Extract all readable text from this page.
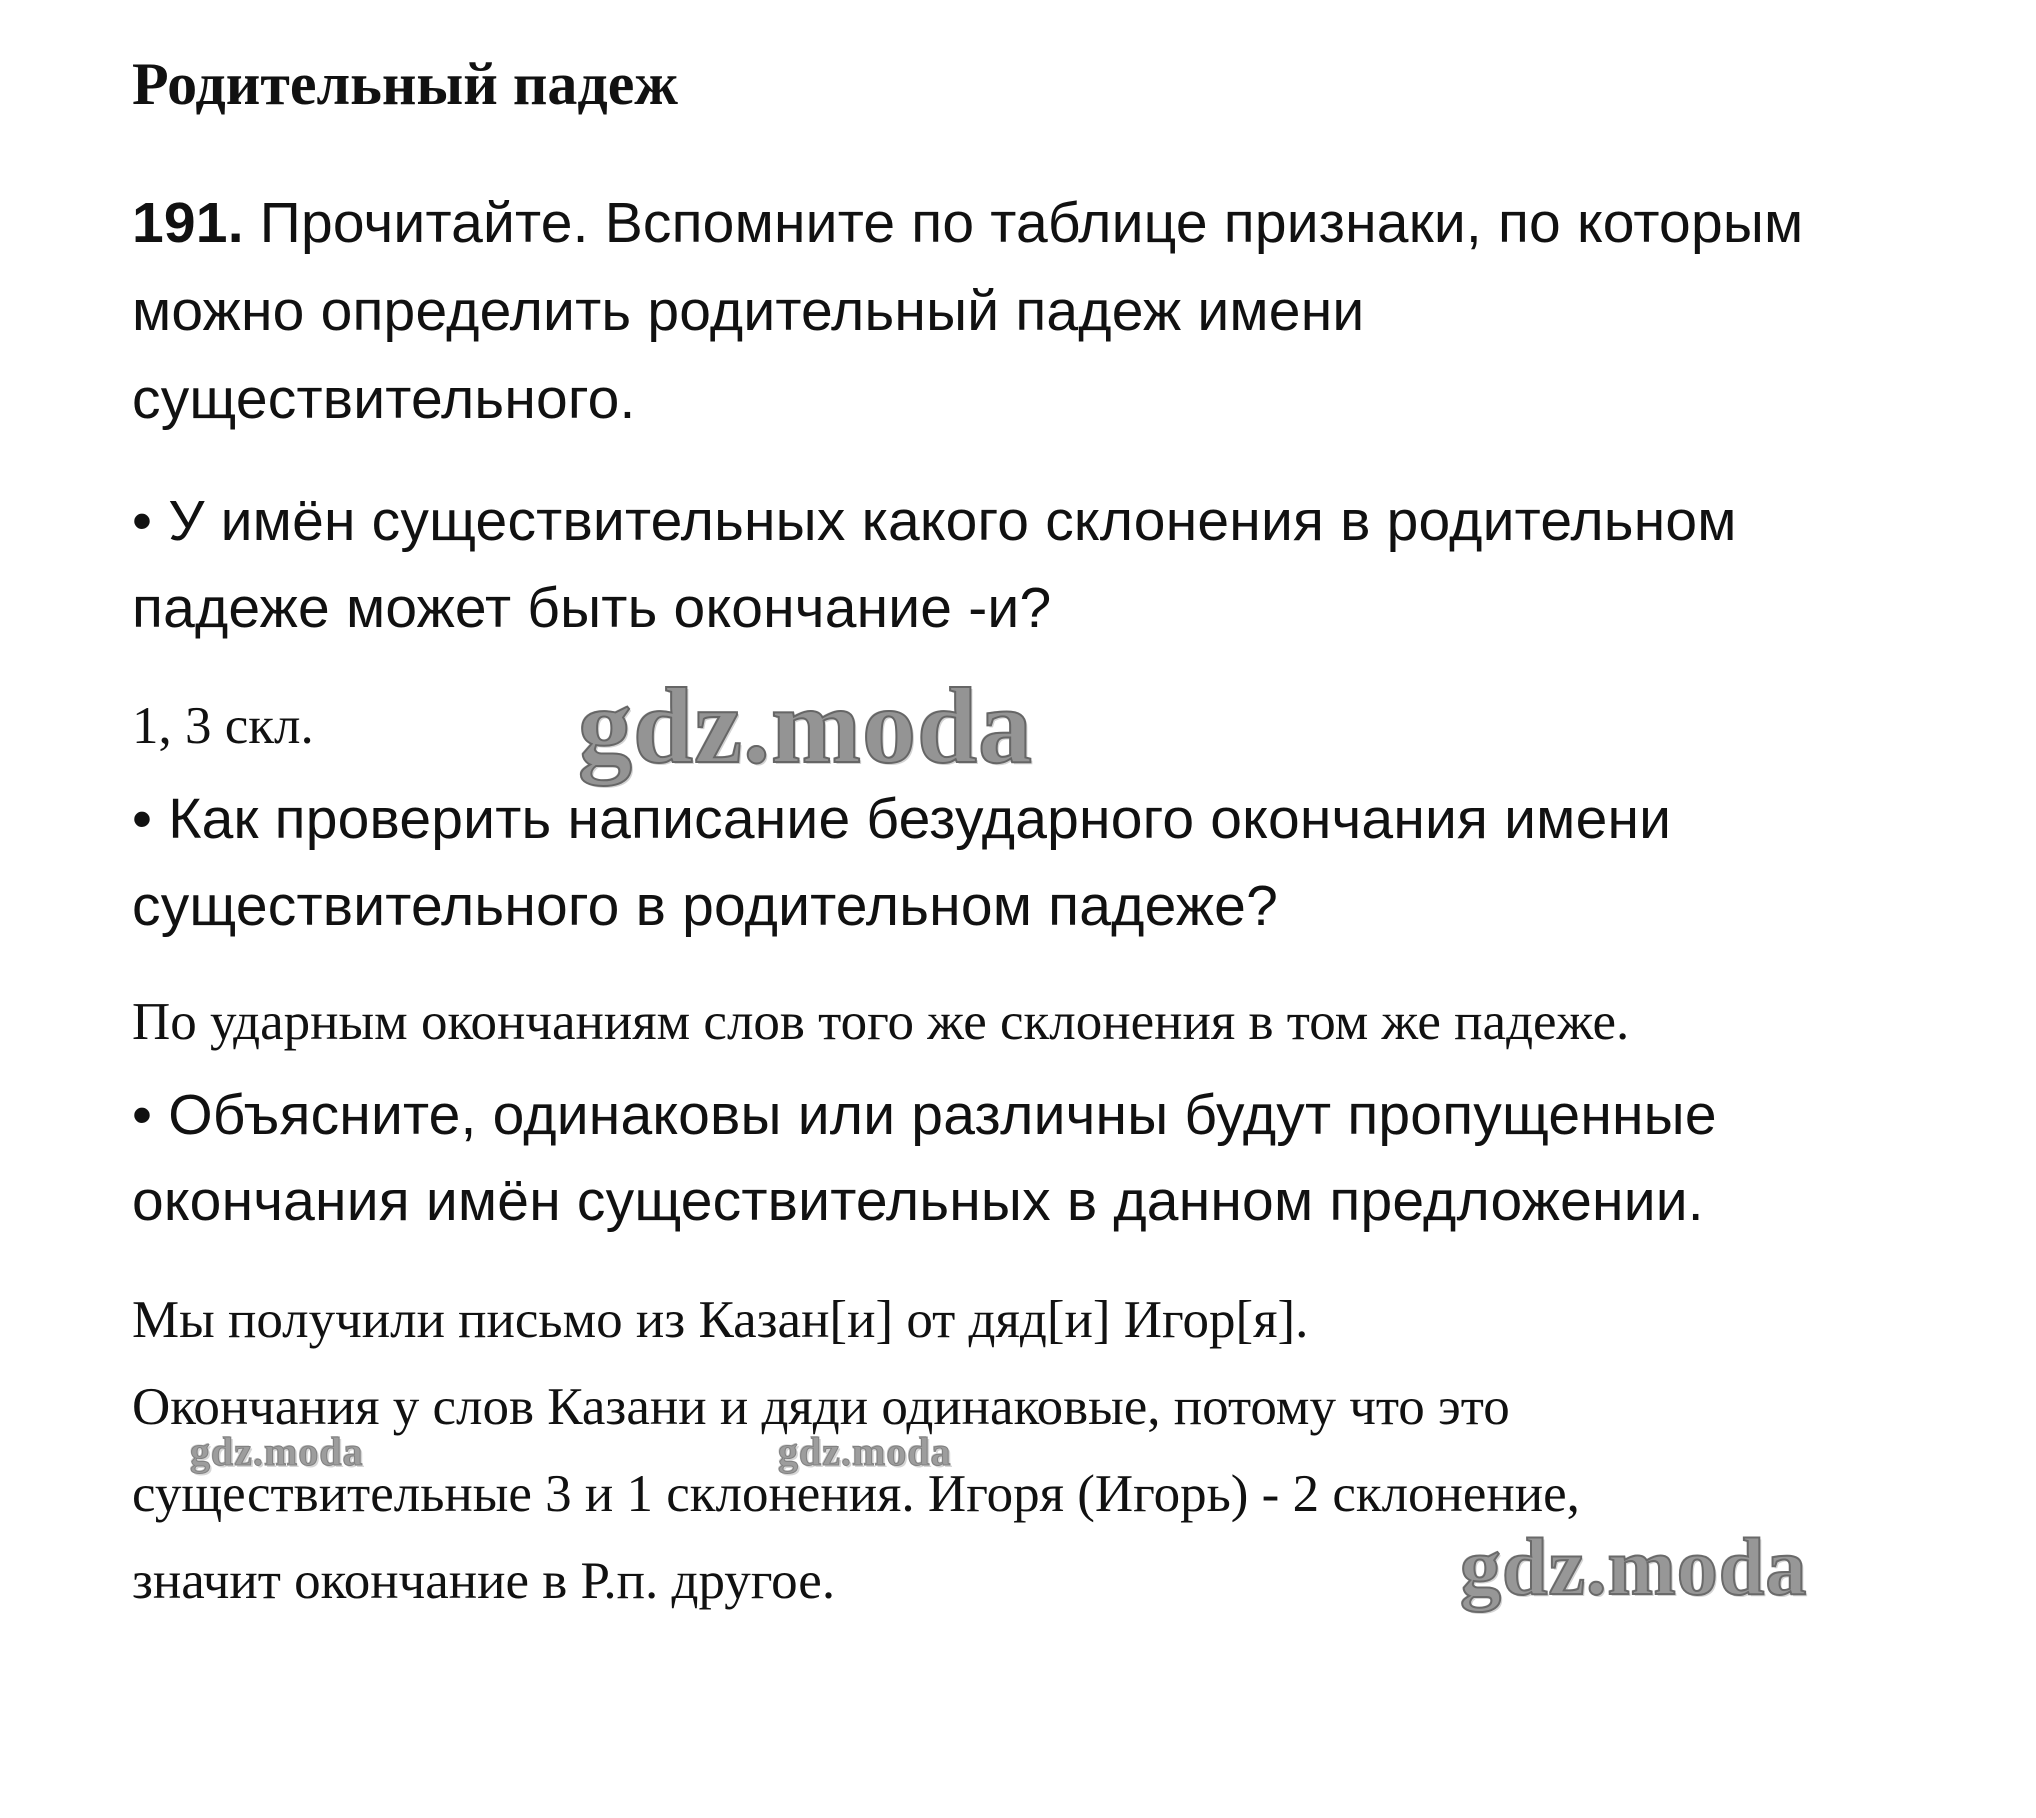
Родительный падеж
191. Прочитайте. Вспомните по таблице признаки, по которым
можно определить родительный падеж имени
существительного.
• У имён существительных какого склонения в родительном
падеже может быть окончание -и?
1, 3 скл.
• Как проверить написание безударного окончания имени
существительного в родительном падеже?
По ударным окончаниям слов того же склонения в том же падеже.
• Объясните, одинаковы или различны будут пропущенные
окончания имён существительных в данном предложении.
Мы получили письмо из Казан[и] от дяд[и] Игор[я].
Окончания у слов Казани и дяди одинаковые, потому что это
существительные 3 и 1 склонения. Игоря (Игорь) - 2 склонение,
значит окончание в Р.п. другое.
gdz.moda
gdz.moda	gdz.moda
gdz.moda
